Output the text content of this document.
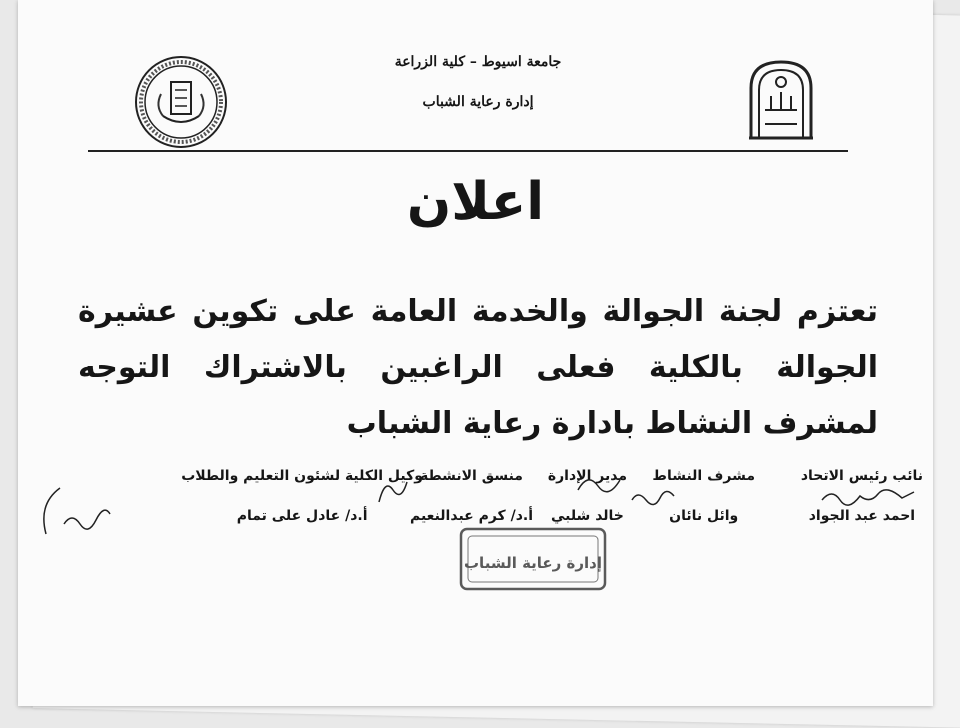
جامعة اسيوط – كلية الزراعة
إدارة رعاية الشباب
اعلان
تعتزم لجنة الجوالة والخدمة العامة على تكوين عشيرة الجوالة بالكلية فعلى الراغبين بالاشتراك التوجه لمشرف النشاط بادارة رعاية الشباب
نائب رئيس الاتحاد
احمد عبد الجواد
مشرف النشاط
وائل نائان
مدير الإدارة
خالد شلبي
منسق الانشطة
أ.د/ كرم عبدالنعيم
وكيل الكلية لشئون التعليم والطلاب
أ.د/ عادل على تمام
إدارة رعاية الشباب
